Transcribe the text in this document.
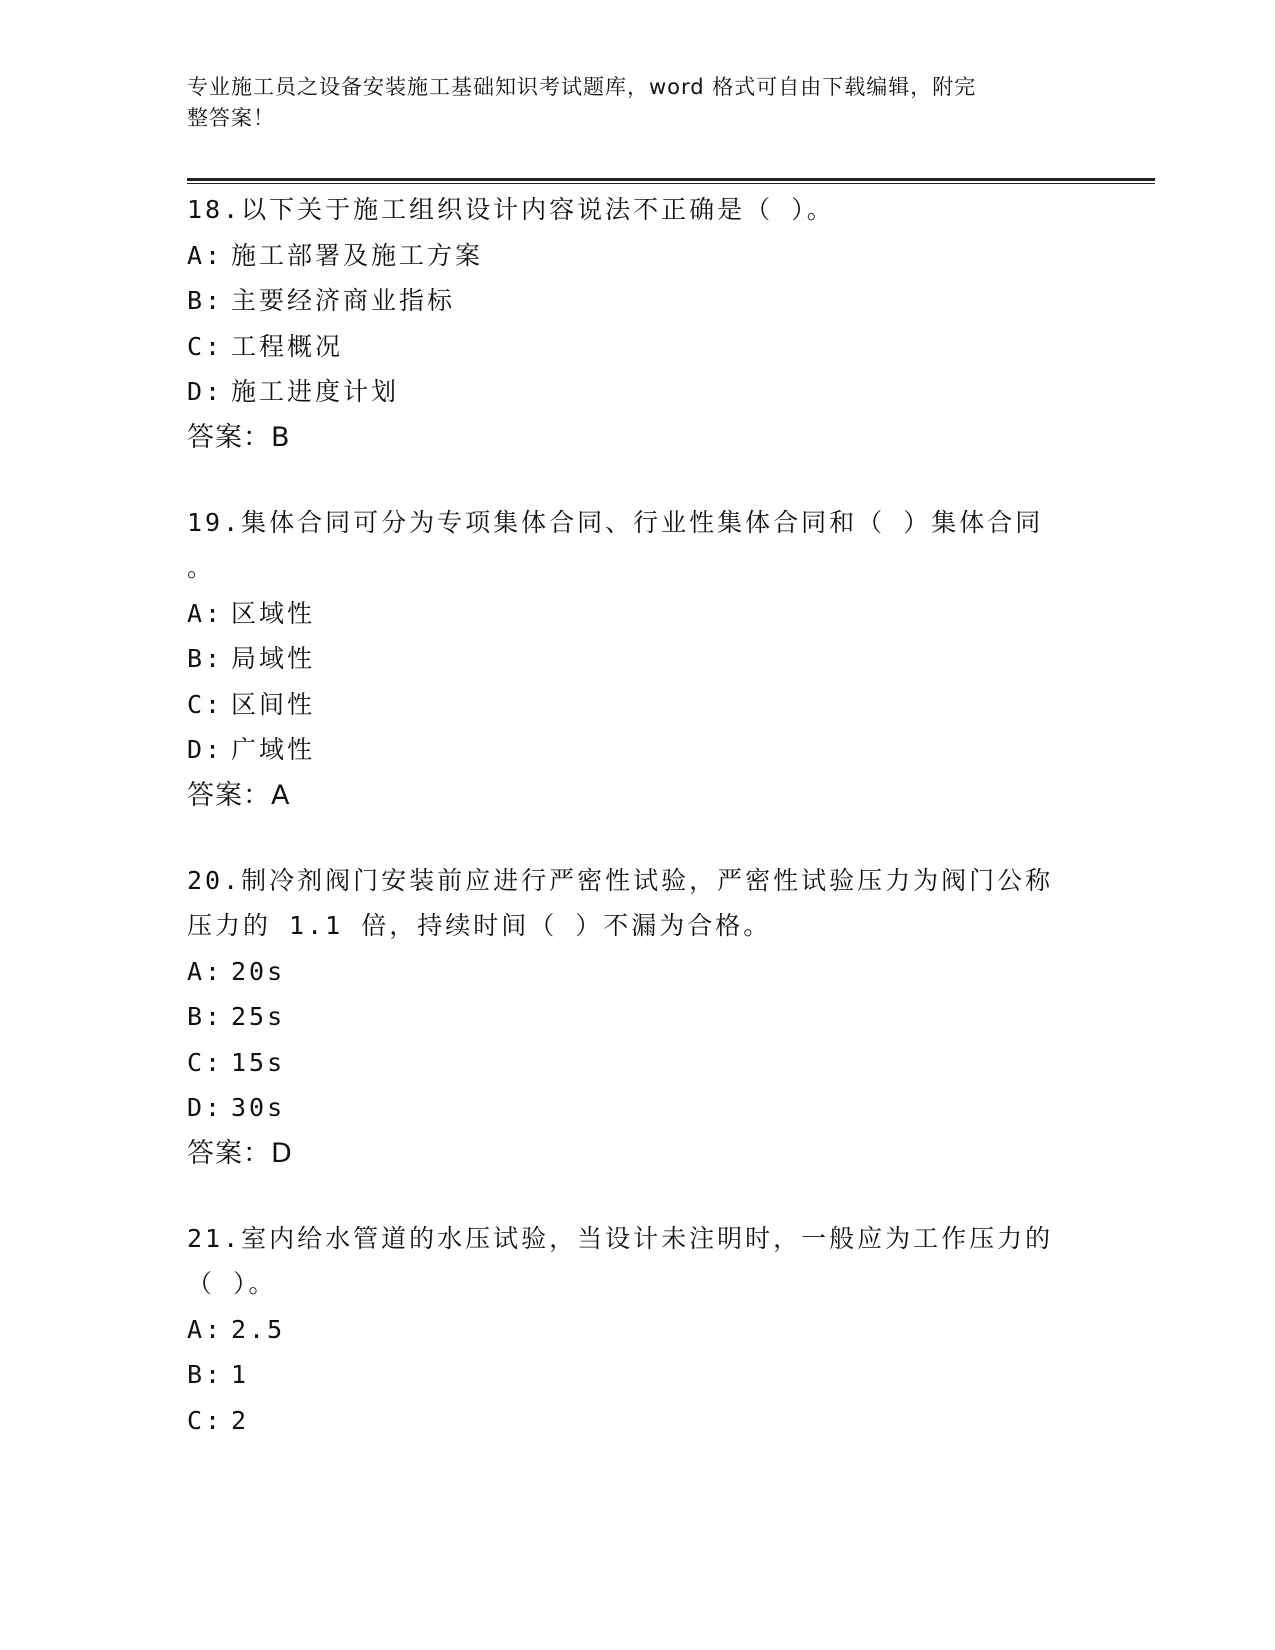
专业施工员之设备安装施工基础知识考试题库，word 格式可自由下载编辑，附完
整答案！
18.以下关于施工组织设计内容说法不正确是（ ）。
A: 施工部署及施工方案
B: 主要经济商业指标
C: 工程概况
D: 施工进度计划
答案：B
19.集体合同可分为专项集体合同、行业性集体合同和（ ）集体合同
。
A: 区域性
B: 局域性
C: 区间性
D: 广域性
答案：A
20.制冷剂阀门安装前应进行严密性试验，严密性试验压力为阀门公称
压力的 1.1 倍，持续时间（ ）不漏为合格。
A: 20s
B: 25s
C: 15s
D: 30s
答案：D
21.室内给水管道的水压试验，当设计未注明时，一般应为工作压力的
（ ）。
A: 2.5
B: 1
C: 2
